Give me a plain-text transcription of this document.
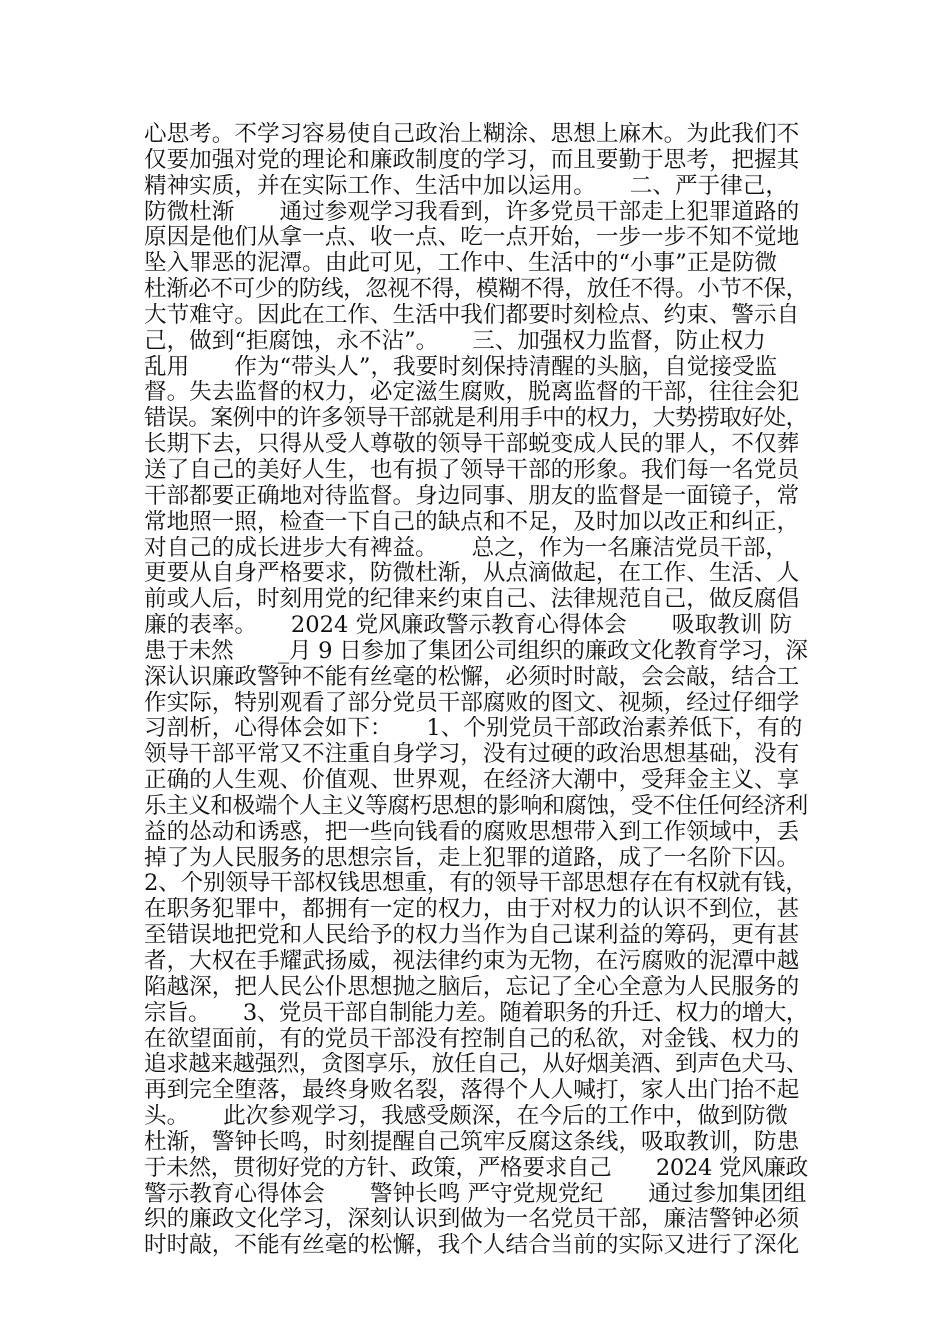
心思考。不学习容易使自己政治上糊涂、思想上麻木。为此我们不
仅要加强对党的理论和廉政制度的学习，而且要勤于思考，把握其
精神实质，并在实际工作、生活中加以运用。　　二、严于律己，
防微杜渐　　通过参观学习我看到，许多党员干部走上犯罪道路的
原因是他们从拿一点、收一点、吃一点开始，一步一步不知不觉地
坠入罪恶的泥潭。由此可见，工作中、生活中的“小事”正是防微
杜渐必不可少的防线，忽视不得，模糊不得，放任不得。小节不保，
大节难守。因此在工作、生活中我们都要时刻检点、约束、警示自
己，做到“拒腐蚀，永不沾”。　　三、加强权力监督，防止权力
乱用　　作为“带头人”，我要时刻保持清醒的头脑，自觉接受监
督。失去监督的权力，必定滋生腐败，脱离监督的干部，往往会犯
错误。案例中的许多领导干部就是利用手中的权力，大势捞取好处，
长期下去，只得从受人尊敬的领导干部蜕变成人民的罪人，不仅葬
送了自己的美好人生，也有损了领导干部的形象。我们每一名党员
干部都要正确地对待监督。身边同事、朋友的监督是一面镜子，常
常地照一照，检查一下自己的缺点和不足，及时加以改正和纠正，
对自己的成长进步大有裨益。　　总之，作为一名廉洁党员干部，
更要从自身严格要求，防微杜渐，从点滴做起，在工作、生活、人
前或人后，时刻用党的纪律来约束自己、法律规范自己，做反腐倡
廉的表率。　　2024 党风廉政警示教育心得体会　　吸取教训 防
患于未然　　_月 9 日参加了集团公司组织的廉政文化教育学习，深
深认识廉政警钟不能有丝毫的松懈，必须时时敲，会会敲，结合工
作实际，特别观看了部分党员干部腐败的图文、视频，经过仔细学
习剖析，心得体会如下：　　1、个别党员干部政治素养低下，有的
领导干部平常又不注重自身学习，没有过硬的政治思想基础，没有
正确的人生观、价值观、世界观，在经济大潮中，受拜金主义、享
乐主义和极端个人主义等腐朽思想的影响和腐蚀，受不住任何经济利
益的怂动和诱惑，把一些向钱看的腐败思想带入到工作领域中，丢
掉了为人民服务的思想宗旨，走上犯罪的道路，成了一名阶下囚。
2、个别领导干部权钱思想重，有的领导干部思想存在有权就有钱，
在职务犯罪中，都拥有一定的权力，由于对权力的认识不到位，甚
至错误地把党和人民给予的权力当作为自己谋利益的筹码，更有甚
者，大权在手耀武扬威，视法律约束为无物，在污腐败的泥潭中越
陷越深，把人民公仆思想抛之脑后，忘记了全心全意为人民服务的
宗旨。　　3、党员干部自制能力差。随着职务的升迁、权力的增大，
在欲望面前，有的党员干部没有控制自己的私欲，对金钱、权力的
追求越来越强烈，贪图享乐，放任自己，从好烟美酒、到声色犬马、
再到完全堕落，最终身败名裂，落得个人人喊打，家人出门抬不起
头。　　此次参观学习，我感受颇深，在今后的工作中，做到防微
杜渐，警钟长鸣，时刻提醒自己筑牢反腐这条线，吸取教训，防患
于未然，贯彻好党的方针、政策，严格要求自己　　2024 党风廉政
警示教育心得体会　　警钟长鸣 严守党规党纪　　通过参加集团组
织的廉政文化学习，深刻认识到做为一名党员干部，廉洁警钟必须
时时敲，不能有丝毫的松懈，我个人结合当前的实际又进行了深化
